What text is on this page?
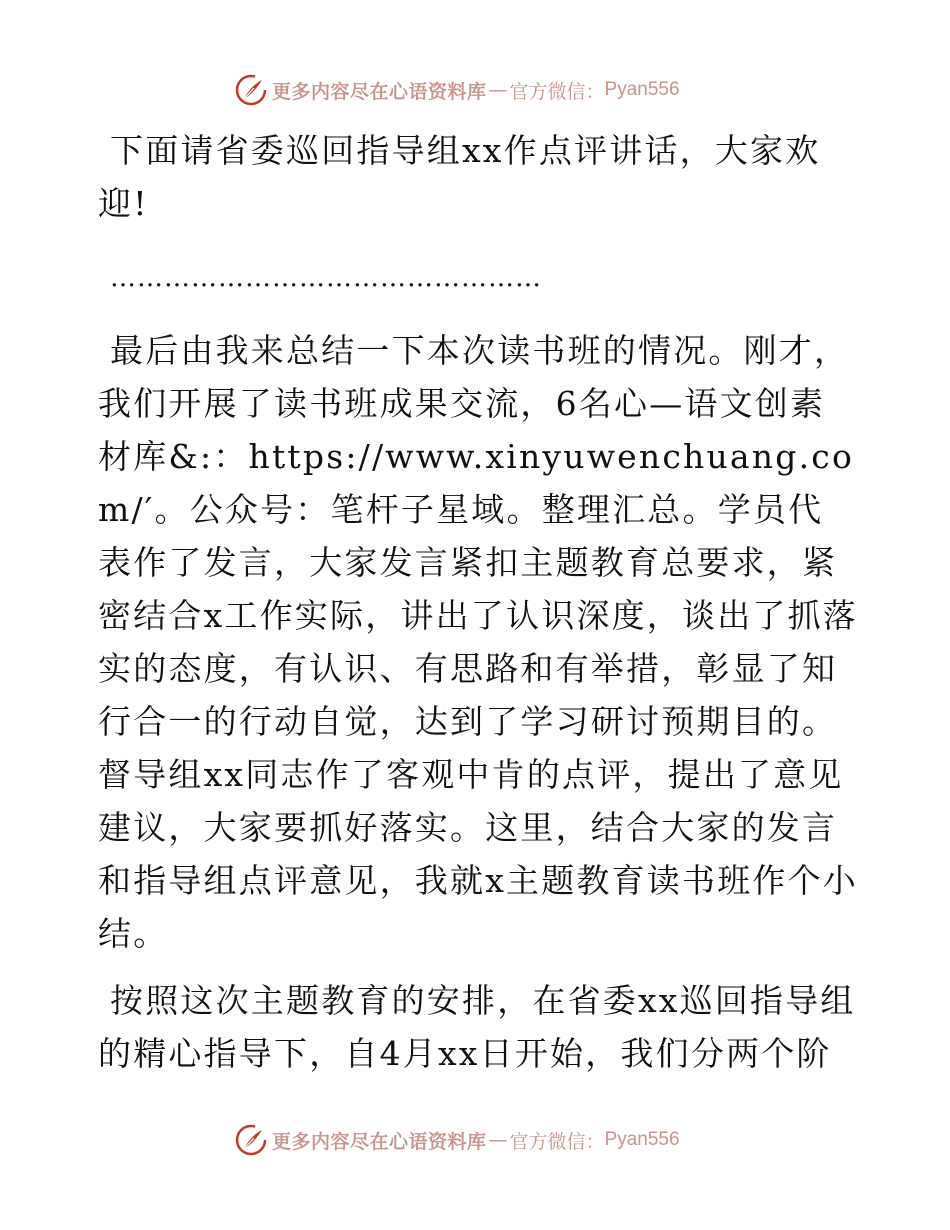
更多内容尽在心语资料库 — 官方微信： Pyan556

下面请省委巡回指导组xx作点评讲话，大家欢迎!

…………………………………………

最后由我来总结一下本次读书班的情况。刚才，我们开展了读书班成果交流，6名心—语文创素材库&:：https://www.xinyuwenchuang.com/′。公众号：笔杆子星域。整理汇总。学员代表作了发言，大家发言紧扣主题教育总要求，紧密结合x工作实际，讲出了认识深度，谈出了抓落实的态度，有认识、有思路和有举措，彰显了知行合一的行动自觉，达到了学习研讨预期目的。督导组xx同志作了客观中肯的点评，提出了意见建议，大家要抓好落实。这里，结合大家的发言和指导组点评意见，我就x主题教育读书班作个小结。

按照这次主题教育的安排，在省委xx巡回指导组的精心指导下，自4月xx日开始，我们分两个阶

更多内容尽在心语资料库 — 官方微信： Pyan556
